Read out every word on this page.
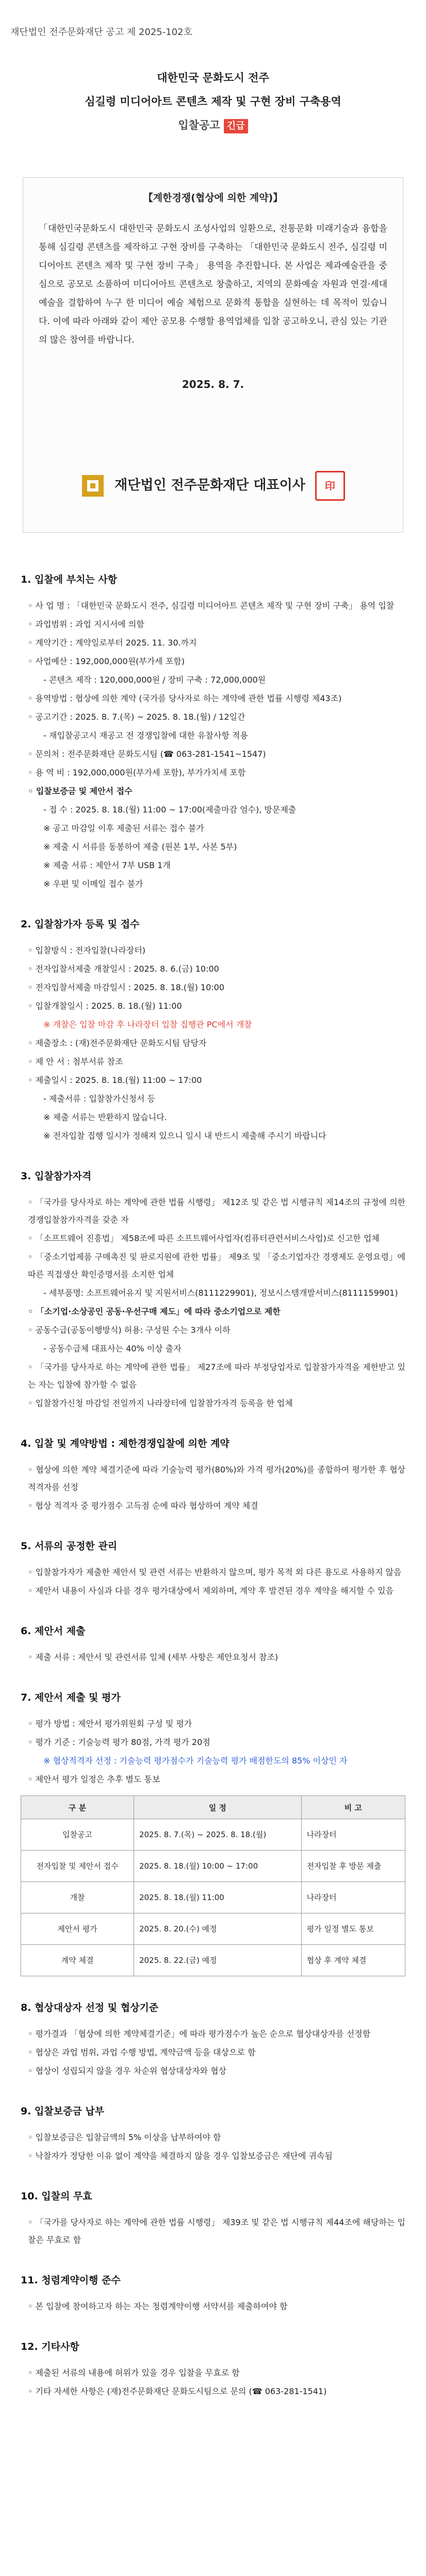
재단법인 전주문화재단 공고 제 2025-102호
대한민국 문화도시 전주
심길령 미디어아트 콘텐츠 제작 및 구현 장비 구축용역
입찰공고 긴급
【계한경쟁(협상에 의한 계약)】
「대한민국문화도시 대한민국 문화도시 조성사업의 일환으로, 전통문화 미래기술과 융합을 통해 심길령 콘텐츠를 제작하고 구현 장비를 구축하는 「대한민국 문화도시 전주, 심길령 미디어아트 콘텐츠 제작 및 구현 장비 구축」 용역을 추진합니다. 본 사업은 제과예술관을 중심으로 공모로 소품하여 미디어아트 콘텐츠로 창출하고, 지역의 문화예술 자원과 연결·세대 예술을 결합하여 누구 한 미디어 예술 체험으로 문화적 통합을 실현하는 데 목적이 있습니다. 이에 따라 아래와 같이 제안 공모용 수행할 용역업체를 입찰 공고하오니, 관심 있는 기관의 많은 참여를 바랍니다.
2025. 8. 7.
재단법인 전주문화재단 대표이사 印
1. 입찰에 부치는 사항
◦ 사 업 명 : 「대한민국 문화도시 전주, 심길령 미디어아트 콘텐츠 제작 및 구현 장비 구축」 용역 입찰
◦ 과업범위 : 과업 지시서에 의함
◦ 계약기간 : 계약일로부터 2025. 11. 30.까지
◦ 사업예산 : 192,000,000원(부가세 포함)
- 콘텐츠 제작 : 120,000,000원 / 장비 구축 : 72,000,000원
◦ 용역방법 : 협상에 의한 계약 (국가를 당사자로 하는 계약에 관한 법률 시행령 제43조)
◦ 공고기간 : 2025. 8. 7.(목) ~ 2025. 8. 18.(월) / 12일간
- 재입찰공고시 재공고 전 경쟁입찰에 대한 유찰사항 적용
◦ 문의처 : 전주문화재단 문화도시팀 (☎ 063-281-1541~1547)
◦ 용 역 비 : 192,000,000원(부가세 포함), 부가가치세 포함
◦ 입찰보증금 및 제안서 접수
- 접 수 : 2025. 8. 18.(월) 11:00 ~ 17:00(제출마감 엄수), 방문제출
※ 공고 마감일 이후 제출된 서류는 접수 불가
※ 제출 시 서류를 동봉하여 제출 (원본 1부, 사본 5부)
※ 제출 서류 : 제안서 7부 USB 1개
※ 우편 및 이메일 접수 불가
2. 입찰참가자 등록 및 접수
◦ 입찰방식 : 전자입찰(나라장터)
◦ 전자입찰서제출 개찰일시 : 2025. 8. 6.(금) 10:00
◦ 전자입찰서제출 마감일시 : 2025. 8. 18.(월) 10:00
◦ 입찰개찰일시 : 2025. 8. 18.(월) 11:00
※ 개찰은 입찰 마감 후 나라장터 입찰 집행관 PC에서 개찰
◦ 제출장소 : (재)전주문화재단 문화도시팀 담당자
◦ 제 안 서 : 첨부서류 참조
◦ 제출일시 : 2025. 8. 18.(월) 11:00 ~ 17:00
- 제출서류 : 입찰참가신청서 등
※ 제출 서류는 반환하지 않습니다.
※ 전자입찰 집행 일시가 정해져 있으니 일시 내 반드시 제출해 주시기 바랍니다
3. 입찰참가자격
◦ 「국가를 당사자로 하는 계약에 관한 법률 시행령」 제12조 및 같은 법 시행규칙 제14조의 규정에 의한 경쟁입찰참가자격을 갖춘 자
◦ 「소프트웨어 진흥법」 제58조에 따른 소프트웨어사업자(컴퓨터관련서비스사업)로 신고한 업체
◦ 「중소기업제품 구매촉진 및 판로지원에 관한 법률」 제9조 및 「중소기업자간 경쟁제도 운영요령」에 따른 직접생산 확인증명서를 소지한 업체
- 세부품명: 소프트웨어유지 및 지원서비스(8111229901), 정보시스템개발서비스(8111159901)
◦ 「소기업·소상공인 공동·우선구매 제도」에 따라 중소기업으로 제한
◦ 공동수급(공동이행방식) 허용: 구성원 수는 3개사 이하
- 공동수급체 대표사는 40% 이상 출자
◦ 「국가를 당사자로 하는 계약에 관한 법률」 제27조에 따라 부정당업자로 입찰참가자격을 제한받고 있는 자는 입찰에 참가할 수 없음
◦ 입찰참가신청 마감일 전일까지 나라장터에 입찰참가자격 등록을 한 업체
4. 입찰 및 계약방법 : 제한경쟁입찰에 의한 계약
◦ 협상에 의한 계약 체결기준에 따라 기술능력 평가(80%)와 가격 평가(20%)를 종합하여 평가한 후 협상 적격자를 선정
◦ 협상 적격자 중 평가점수 고득점 순에 따라 협상하여 계약 체결
5. 서류의 공정한 관리
◦ 입찰참가자가 제출한 제안서 및 관련 서류는 반환하지 않으며, 평가 목적 외 다른 용도로 사용하지 않음
◦ 제안서 내용이 사실과 다를 경우 평가대상에서 제외하며, 계약 후 발견된 경우 계약을 해지할 수 있음
6. 제안서 제출
◦ 제출 서류 : 제안서 및 관련서류 일체 (세부 사항은 제안요청서 참조)
7. 제안서 제출 및 평가
◦ 평가 방법 : 제안서 평가위원회 구성 및 평가
◦ 평가 기준 : 기술능력 평가 80점, 가격 평가 20점
※ 협상적격자 선정 : 기술능력 평가점수가 기술능력 평가 배점한도의 85% 이상인 자
◦ 제안서 평가 일정은 추후 별도 통보
구 분	일 정	비 고
입찰공고	2025. 8. 7.(목) ~ 2025. 8. 18.(월)	나라장터
전자입찰 및 제안서 접수	2025. 8. 18.(월) 10:00 ~ 17:00	전자입찰 후 방문 제출
개찰	2025. 8. 18.(월) 11:00	나라장터
제안서 평가	2025. 8. 20.(수) 예정	평가 일정 별도 통보
계약 체결	2025. 8. 22.(금) 예정	협상 후 계약 체결
8. 협상대상자 선정 및 협상기준
◦ 평가결과 「협상에 의한 계약체결기준」에 따라 평가점수가 높은 순으로 협상대상자를 선정함
◦ 협상은 과업 범위, 과업 수행 방법, 계약금액 등을 대상으로 함
◦ 협상이 성립되지 않을 경우 차순위 협상대상자와 협상
9. 입찰보증금 납부
◦ 입찰보증금은 입찰금액의 5% 이상을 납부하여야 함
◦ 낙찰자가 정당한 이유 없이 계약을 체결하지 않을 경우 입찰보증금은 재단에 귀속됨
10. 입찰의 무효
◦ 「국가를 당사자로 하는 계약에 관한 법률 시행령」 제39조 및 같은 법 시행규칙 제44조에 해당하는 입찰은 무효로 함
11. 청렴계약이행 준수
◦ 본 입찰에 참여하고자 하는 자는 청렴계약이행 서약서를 제출하여야 함
12. 기타사항
◦ 제출된 서류의 내용에 허위가 있을 경우 입찰을 무효로 함
◦ 기타 자세한 사항은 (재)전주문화재단 문화도시팀으로 문의 (☎ 063-281-1541)
